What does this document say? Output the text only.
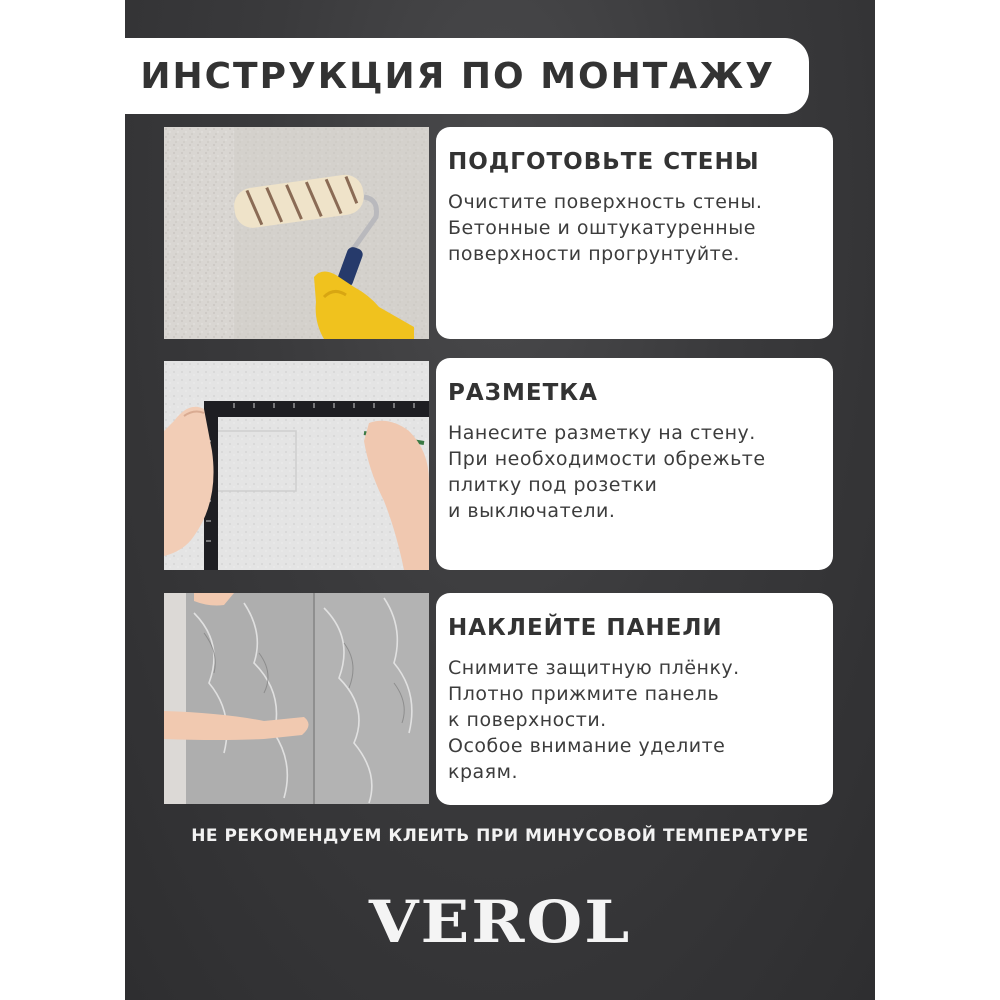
ИНСТРУКЦИЯ ПО МОНТАЖУ

ПОДГОТОВЬТЕ СТЕНЫ

Очистите поверхность стены.
Бетонные и оштукатуренные
поверхности прогрунтуйте.

РАЗМЕТКА

Нанесите разметку на стену.
При необходимости обрежьте
плитку под розетки
и выключатели.

НАКЛЕЙТЕ ПАНЕЛИ

Снимите защитную плёнку.
Плотно прижмите панель
к поверхности.
Особое внимание уделите
краям.

НЕ РЕКОМЕНДУЕМ КЛЕИТЬ ПРИ МИНУСОВОЙ ТЕМПЕРАТУРЕ
VEROL
